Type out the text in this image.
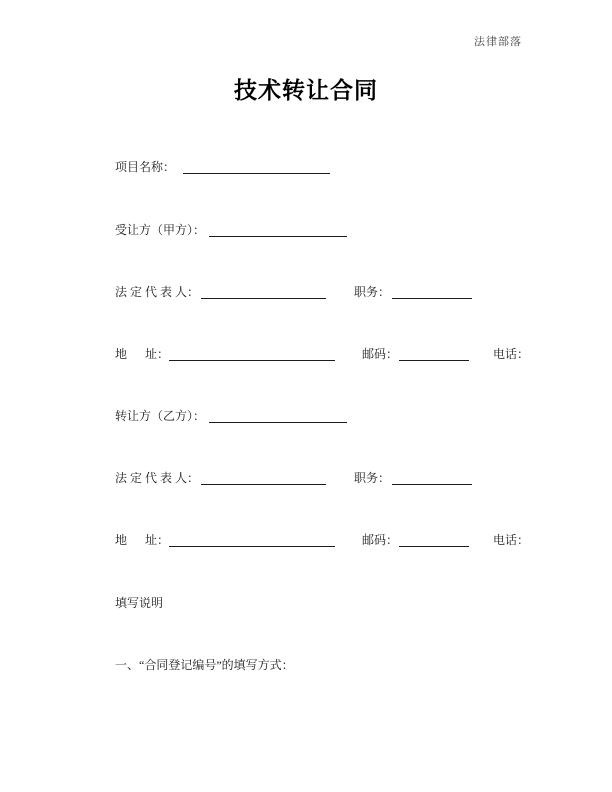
法律部落
技术转让合同
项目名称：
受让方（甲方）：
法 定 代 表 人：	职务：
地      址：	邮码：	电话：
转让方（乙方）：
法 定 代 表 人：	职务：
地      址：	邮码：	电话：
填写说明
一、“合同登记编号”的填写方式：
